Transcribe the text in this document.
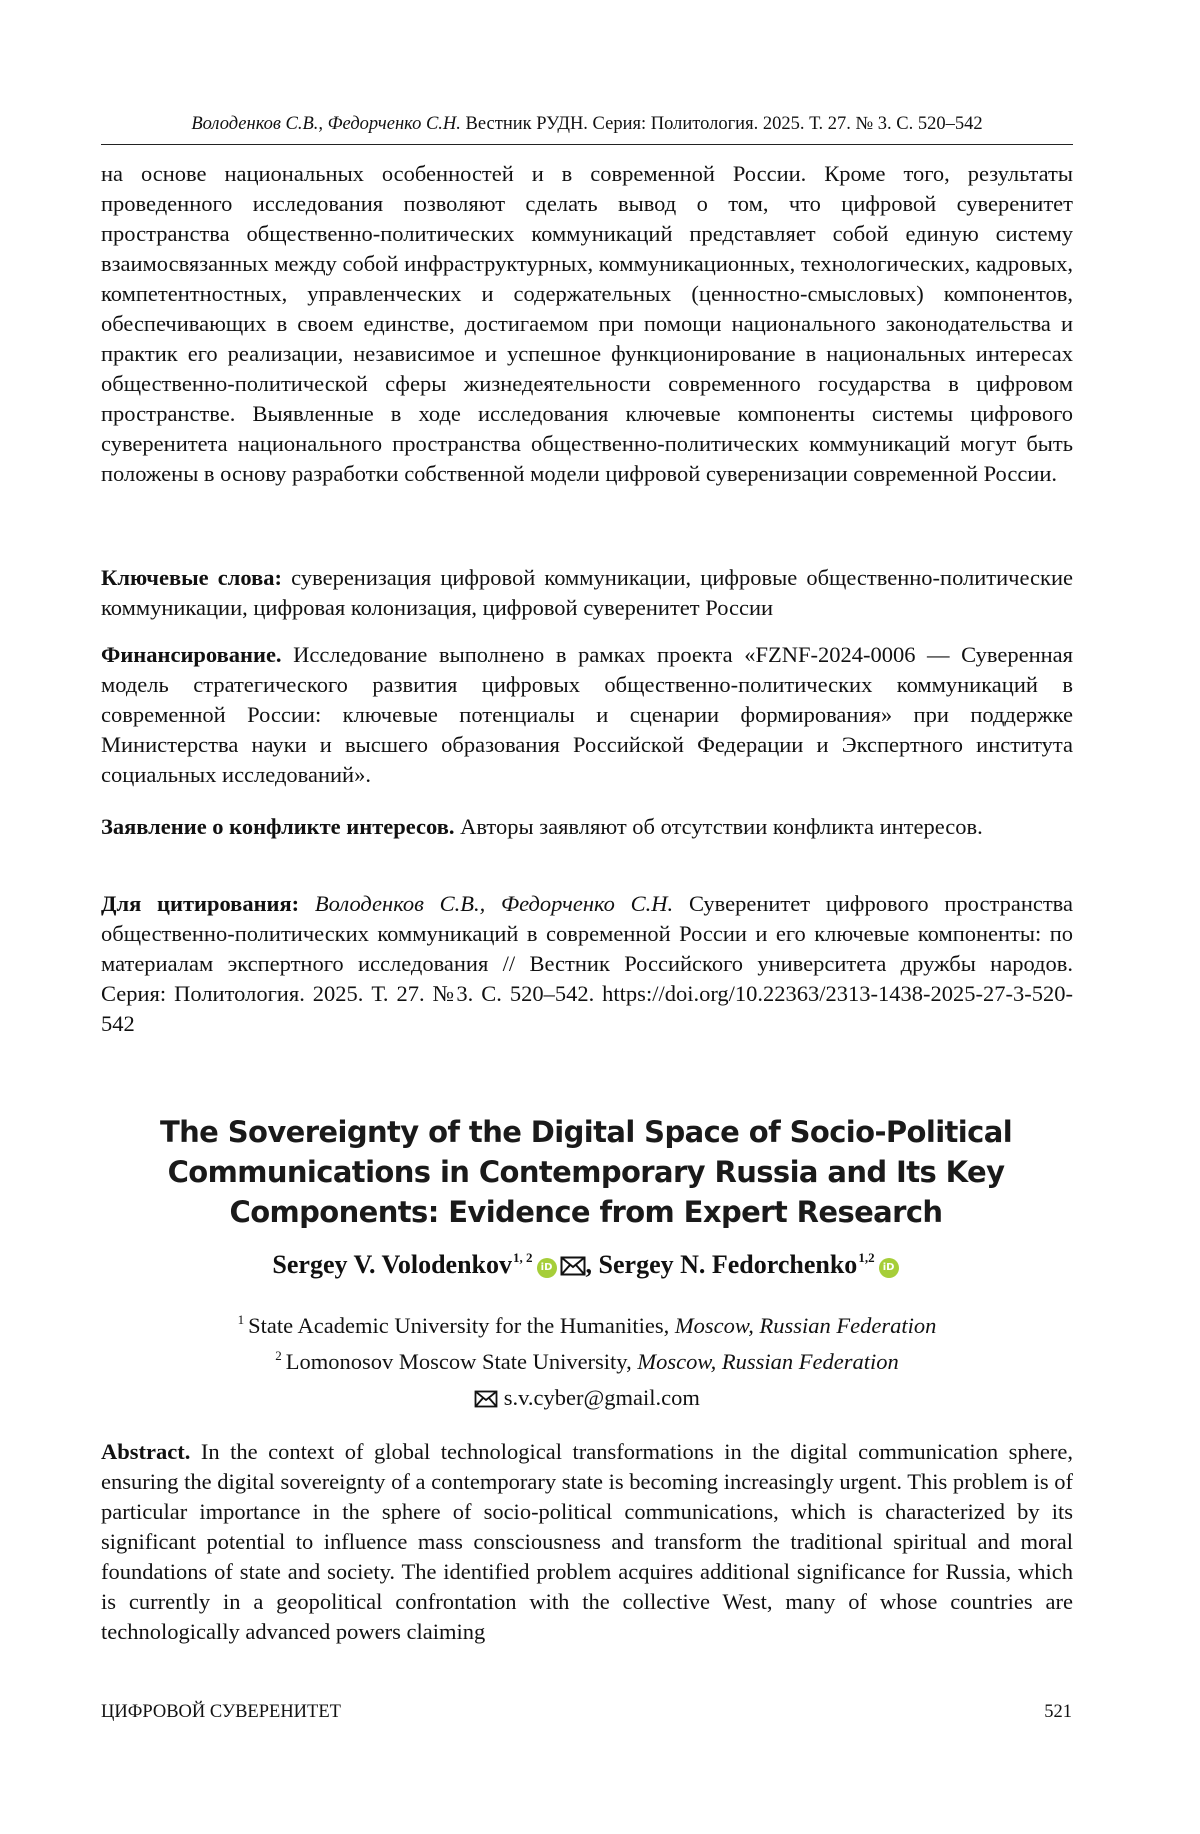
Володенков С.В., Федорченко С.Н. Вестник РУДН. Серия: Политология. 2025. Т. 27. № 3. С. 520–542
на основе национальных особенностей и в современной России. Кроме того, результаты проведенного исследования позволяют сделать вывод о том, что цифровой суверенитет пространства общественно-политических коммуникаций представляет собой единую систему взаимосвязанных между собой инфраструктурных, коммуникационных, технологических, кадровых, компетентностных, управленческих и содержательных (ценностно-смысловых) компонентов, обеспечивающих в своем единстве, достигаемом при помощи национального законодательства и практик его реализации, независимое и успешное функционирование в национальных интересах общественно-политической сферы жизнедеятельности современного государства в цифровом пространстве. Выявленные в ходе исследования ключевые компоненты системы цифрового суверенитета национального пространства общественно-политических коммуникаций могут быть положены в основу разработки собственной модели цифровой суверенизации современной России.
Ключевые слова: суверенизация цифровой коммуникации, цифровые общественно-политические коммуникации, цифровая колонизация, цифровой суверенитет России
Финансирование. Исследование выполнено в рамках проекта «FZNF-2024-0006 — Суверенная модель стратегического развития цифровых общественно-политических коммуникаций в современной России: ключевые потенциалы и сценарии формирования» при поддержке Министерства науки и высшего образования Российской Федерации и Экспертного института социальных исследований».
Заявление о конфликте интересов. Авторы заявляют об отсутствии конфликта интересов.
Для цитирования: Володенков С.В., Федорченко С.Н. Суверенитет цифрового пространства общественно-политических коммуникаций в современной России и его ключевые компоненты: по материалам экспертного исследования // Вестник Российского университета дружбы народов. Серия: Политология. 2025. Т. 27. №3. С. 520–542. https://doi.org/10.22363/2313-1438-2025-27-3-520-542
The Sovereignty of the Digital Space of Socio-Political Communications in Contemporary Russia and Its Key Components: Evidence from Expert Research
Sergey V. Volodenkov$^{1, 2}$iD , Sergey N. Fedorchenko$^{1,2}$iD
$^1$ State Academic University for the Humanities, Moscow, Russian Federation
$^2$ Lomonosov Moscow State University, Moscow, Russian Federation
s.v.cyber@gmail.com
Abstract. In the context of global technological transformations in the digital communication sphere, ensuring the digital sovereignty of a contemporary state is becoming increasingly urgent. This problem is of particular importance in the sphere of socio-political communications, which is characterized by its significant potential to influence mass consciousness and transform the traditional spiritual and moral foundations of state and society. The identified problem acquires additional significance for Russia, which is currently in a geopolitical confrontation with the collective West, many of whose countries are technologically advanced powers claiming
ЦИФРОВОЙ СУВЕРЕНИТЕТ	521
